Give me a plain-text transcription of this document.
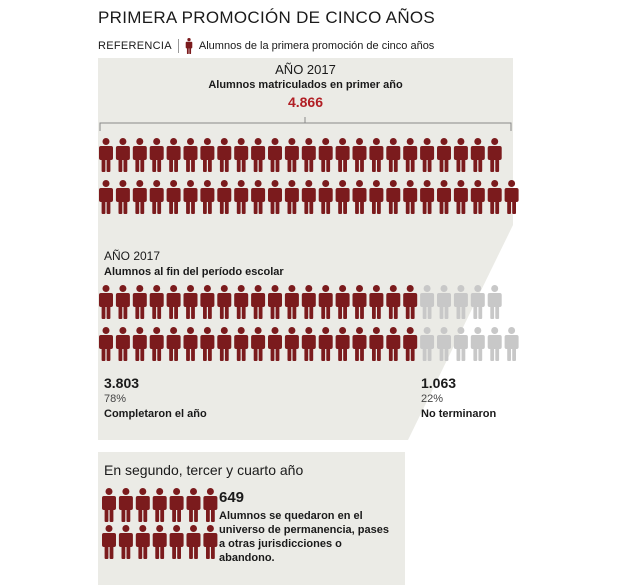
PRIMERA PROMOCIÓN DE CINCO AÑOS
REFERENCIA Alumnos de la primera promoción de cinco años
AÑO 2017
Alumnos matriculados en primer año
4.866
AÑO 2017
Alumnos al fin del período escolar
3.803
78%
Completaron el año
1.063
22%
No terminaron
En segundo, tercer y cuarto año
649
Alumnos se quedaron en el universo de permanencia, pases a otras jurisdicciones o abandono.
